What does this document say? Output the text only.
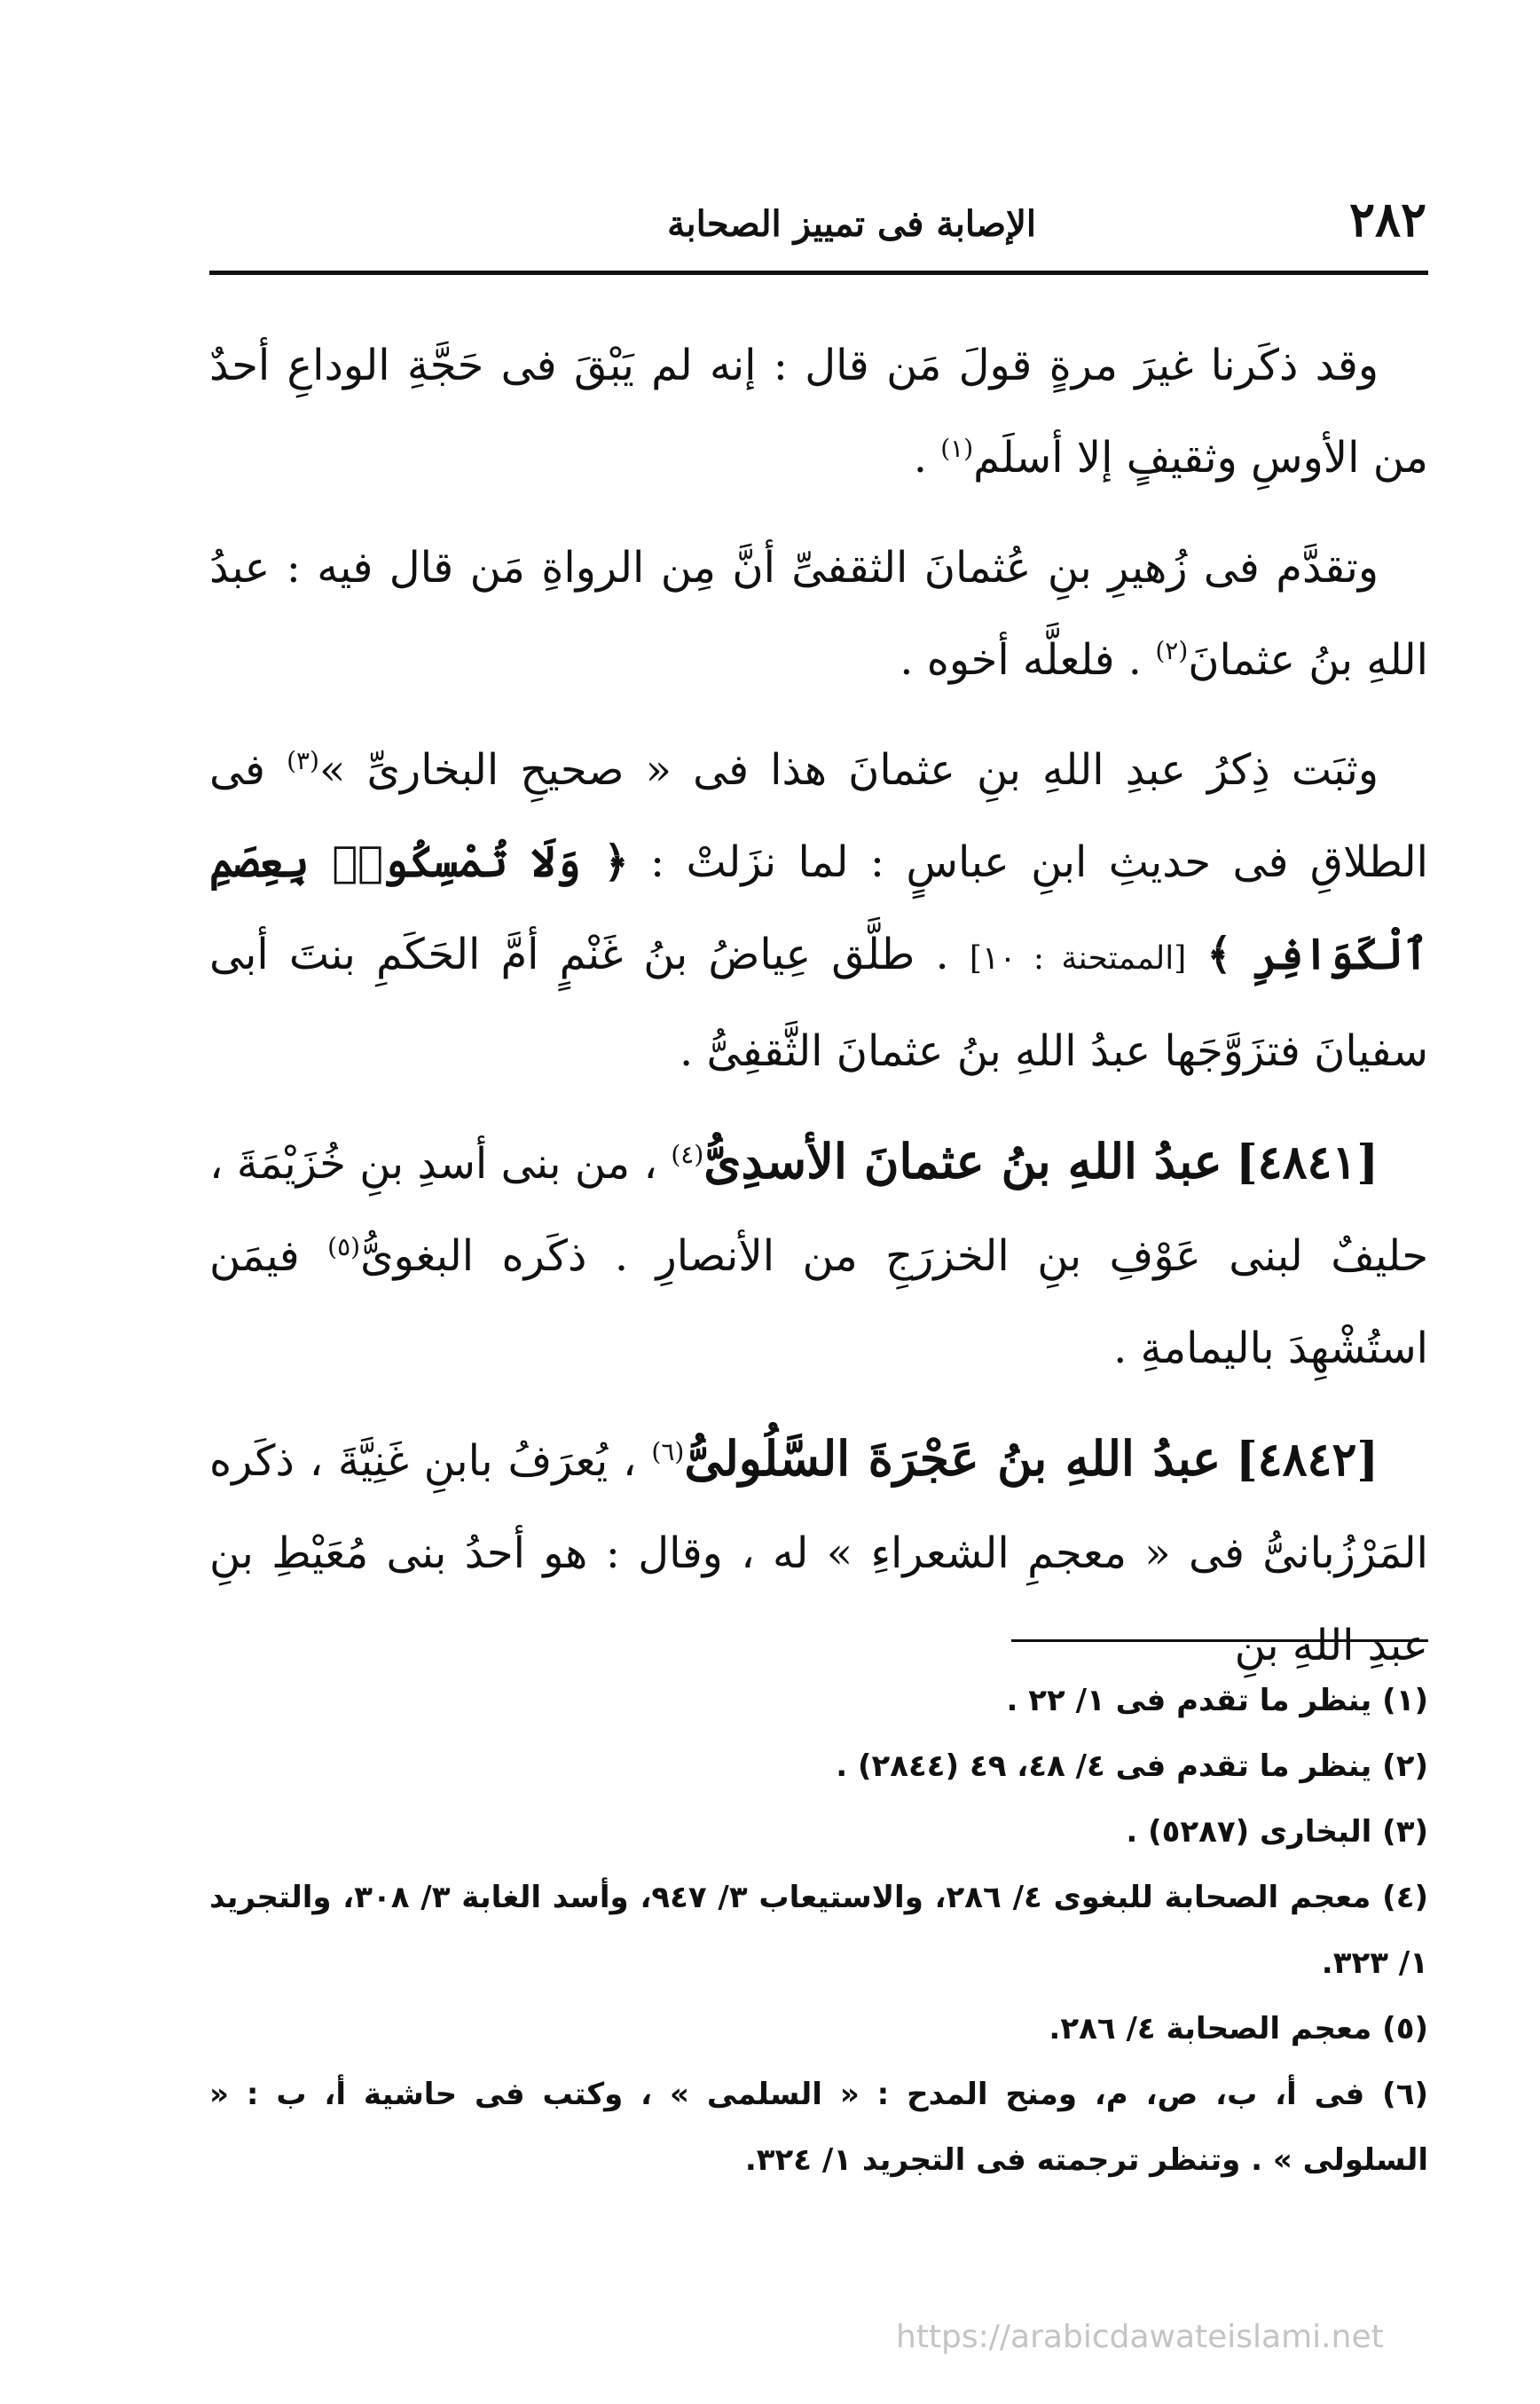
٢٨٢
الإصابة فى تمييز الصحابة

وقد ذكَرنا غيرَ مرةٍ قولَ مَن قال : إنه لم يَبْقَ فى حَجَّةِ الوداعِ أحدٌ من الأوسِ وثقيفٍ إلا أسلَم$^{(١)}$ .

وتقدَّم فى زُهيرِ بنِ عُثمانَ الثقفىِّ أنَّ مِن الرواةِ مَن قال فيه : عبدُ اللهِ بنُ عثمانَ$^{(٢)}$ . فلعلَّه أخوه .

وثبَت ذِكرُ عبدِ اللهِ بنِ عثمانَ هذا فى « صحيحِ البخارىِّ »$^{(٣)}$ فى الطلاقِ فى حديثِ ابنِ عباسٍ : لما نزَلتْ : ﴿ وَلَا تُمْسِكُوا۟ بِعِصَمِ ٱلْكَوَافِرِ ﴾ [الممتحنة : ١٠] . طلَّق عِياضُ بنُ غَنْمٍ أمَّ الحَكَمِ بنتَ أبى سفيانَ فتزَوَّجَها عبدُ اللهِ بنُ عثمانَ الثَّقفِىُّ .

[٤٨٤١] عبدُ اللهِ بنُ عثمانَ الأسدِىُّ$^{(٤)}$ ، من بنى أسدِ بنِ خُزَيْمَةَ ، حليفٌ لبنى عَوْفِ بنِ الخزرَجِ من الأنصارِ . ذكَره البغوىُّ$^{(٥)}$ فيمَن استُشْهِدَ باليمامةِ .

[٤٨٤٢] عبدُ اللهِ بنُ عَجْرَةَ السَّلُولىُّ$^{(٦)}$ ، يُعرَفُ بابنِ غَنِيَّةَ ، ذكَره المَرْزُبانىُّ فى « معجمِ الشعراءِ » له ، وقال : هو أحدُ بنى مُعَيْطِ بنِ عبدِ اللهِ بنِ

(١) ينظر ما تقدم فى ١/ ٢٢ .

(٢) ينظر ما تقدم فى ٤/ ٤٨، ٤٩ (٢٨٤٤) .

(٣) البخارى (٥٢٨٧) .

(٤) معجم الصحابة للبغوى ٤/ ٢٨٦، والاستيعاب ٣/ ٩٤٧، وأسد الغابة ٣/ ٣٠٨، والتجريد ١/ ٣٢٣.

(٥) معجم الصحابة ٤/ ٢٨٦.

(٦) فى أ، ب، ص، م، ومنح المدح : « السلمى » ، وكتب فى حاشية أ، ب : « السلولى » . وتنظر ترجمته فى التجريد ١/ ٣٢٤.

https://arabicdawateislami.net
